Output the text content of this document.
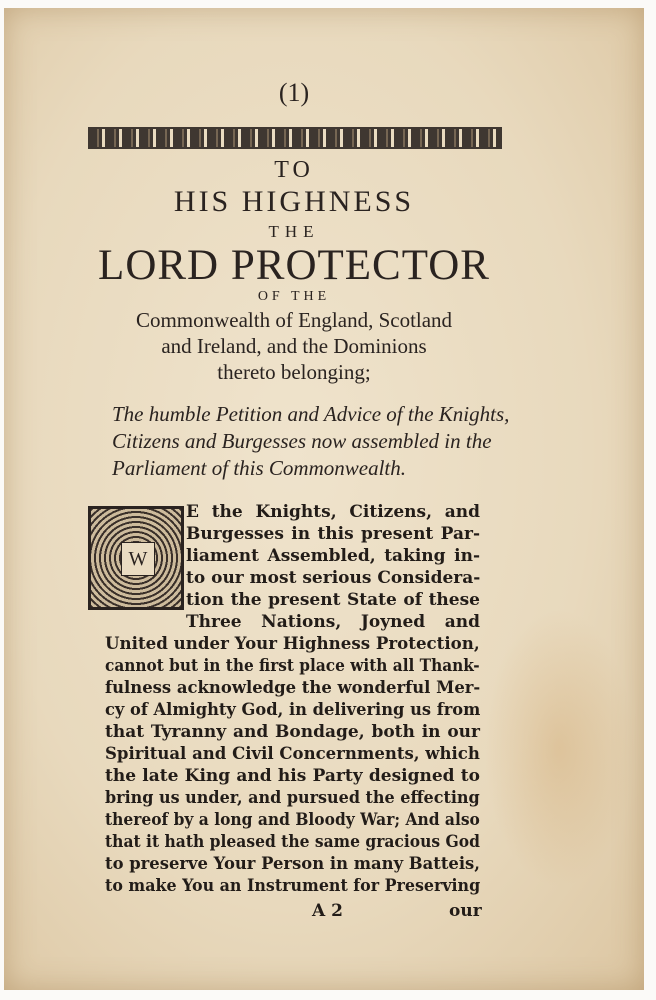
(1)
TO
HIS HIGHNESS
THE
LORD PROTECTOR
OF THE
Commonwealth of England, Scotland
and Ireland, and the Dominions
thereto belonging;
The humble Petition and Advice of the Knights,
Citizens and Burgesses now assembled in the
Parliament of this Commonwealth.
W
E the Knights, Citizens, and
Burgesses in this present Par-
liament Assembled, taking in-
to our most serious Considera-
tion the present State of these
Three Nations, Joyned and
United under Your Highness Protection,
cannot but in the first place with all Thank-
fulness acknowledge the wonderful Mer-
cy of Almighty God, in delivering us from
that Tyranny and Bondage, both in our
Spiritual and Civil Concernments, which
the late King and his Party designed to
bring us under, and pursued the effecting
thereof by a long and Bloody War; And also
that it hath pleased the same gracious God
to preserve Your Person in many Batteis,
to make You an Instrument for Preserving
A 2	our
